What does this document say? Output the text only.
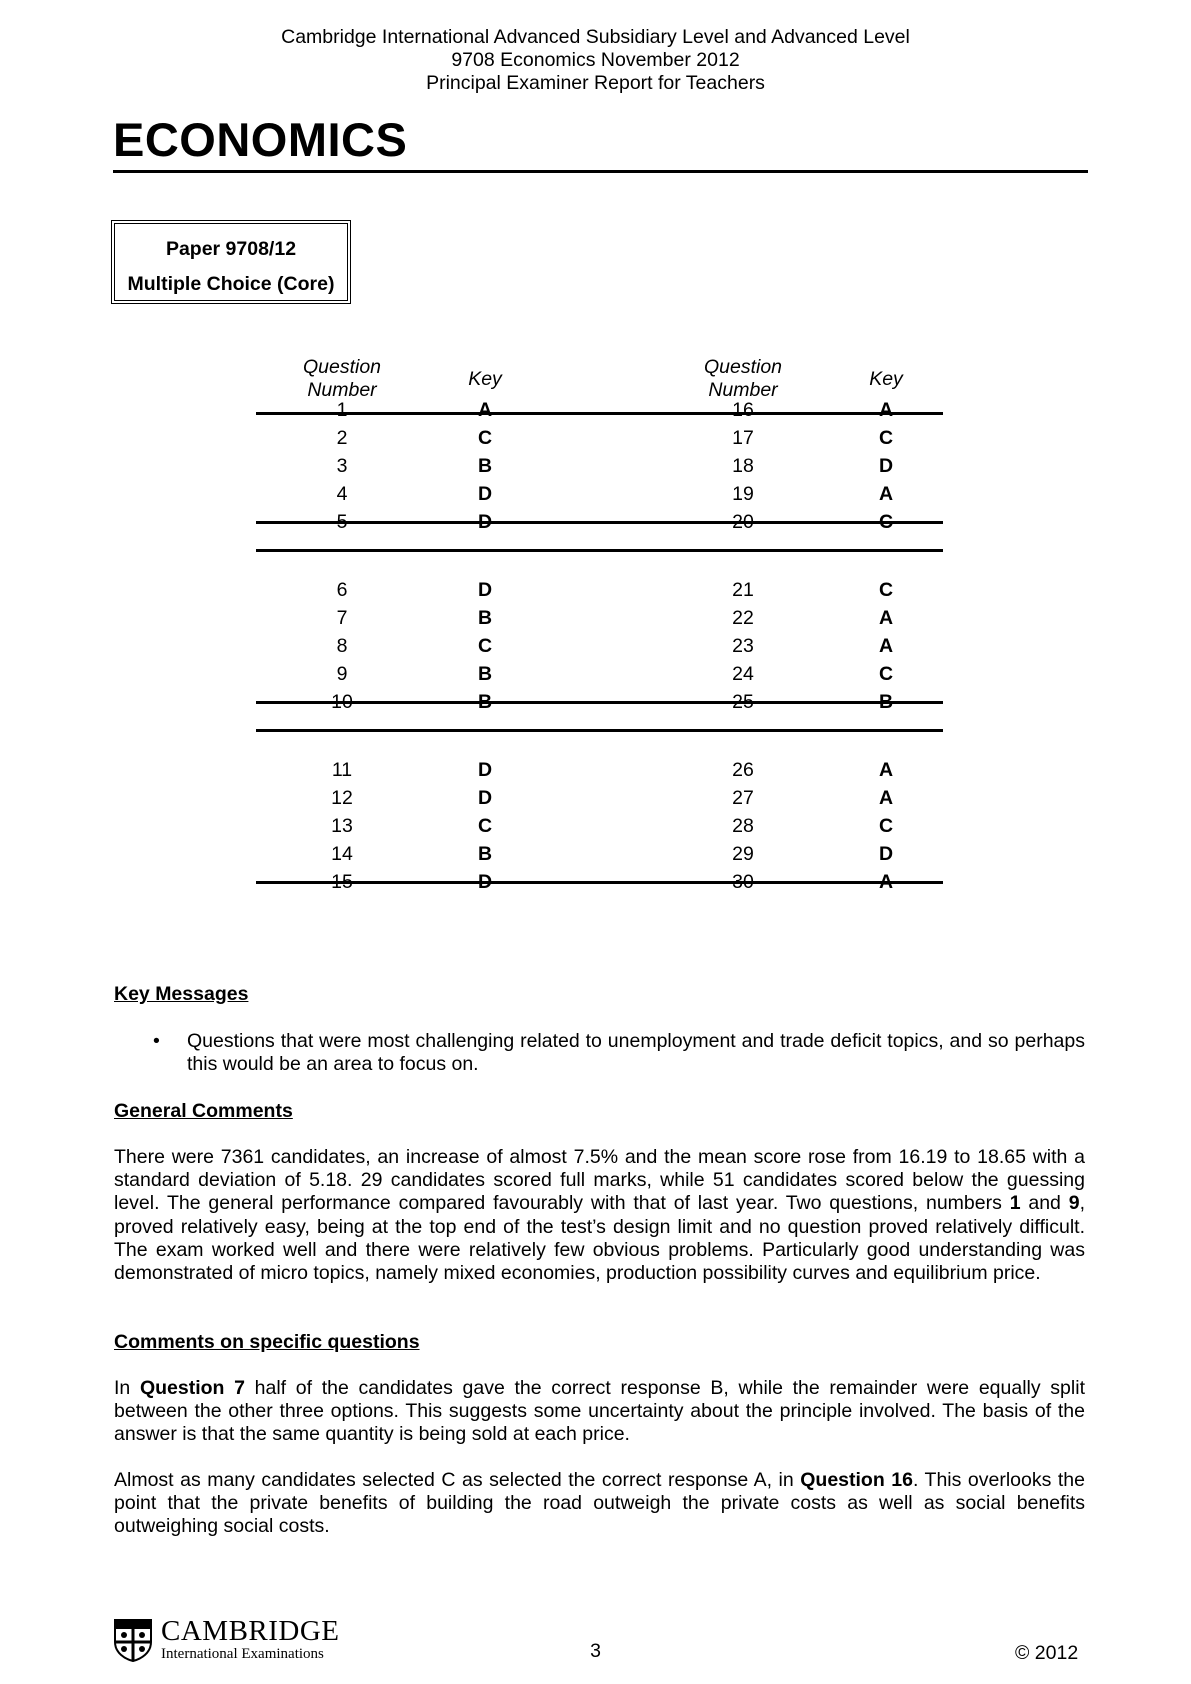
Cambridge International Advanced Subsidiary Level and Advanced Level
9708 Economics November 2012
Principal Examiner Report for Teachers
ECONOMICS
Paper 9708/12
Multiple Choice (Core)
Question
Number	Key
Question
Number	Key
1	A	16	A
2	C	17	C
3	B	18	D
4	D	19	A
5	D	20	C
6	D	21	C
7	B	22	A
8	C	23	A
9	B	24	C
10	B	25	B
11	D	26	A
12	D	27	A
13	C	28	C
14	B	29	D
15	D	30	A
Key Messages
• Questions that were most challenging related to unemployment and trade deficit topics, and so perhaps this would be an area to focus on.
General Comments
There were 7361 candidates, an increase of almost 7.5% and the mean score rose from 16.19 to 18.65 with a standard deviation of 5.18. 29 candidates scored full marks, while 51 candidates scored below the guessing level. The general performance compared favourably with that of last year. Two questions, numbers 1 and 9, proved relatively easy, being at the top end of the test’s design limit and no question proved relatively difficult. The exam worked well and there were relatively few obvious problems. Particularly good understanding was demonstrated of micro topics, namely mixed economies, production possibility curves and equilibrium price.
Comments on specific questions
In Question 7 half of the candidates gave the correct response B, while the remainder were equally split between the other three options. This suggests some uncertainty about the principle involved. The basis of the answer is that the same quantity is being sold at each price.
Almost as many candidates selected C as selected the correct response A, in Question 16. This overlooks the point that the private benefits of building the road outweigh the private costs as well as social benefits outweighing social costs.
CAMBRIDGE
International Examinations	3	© 2012
